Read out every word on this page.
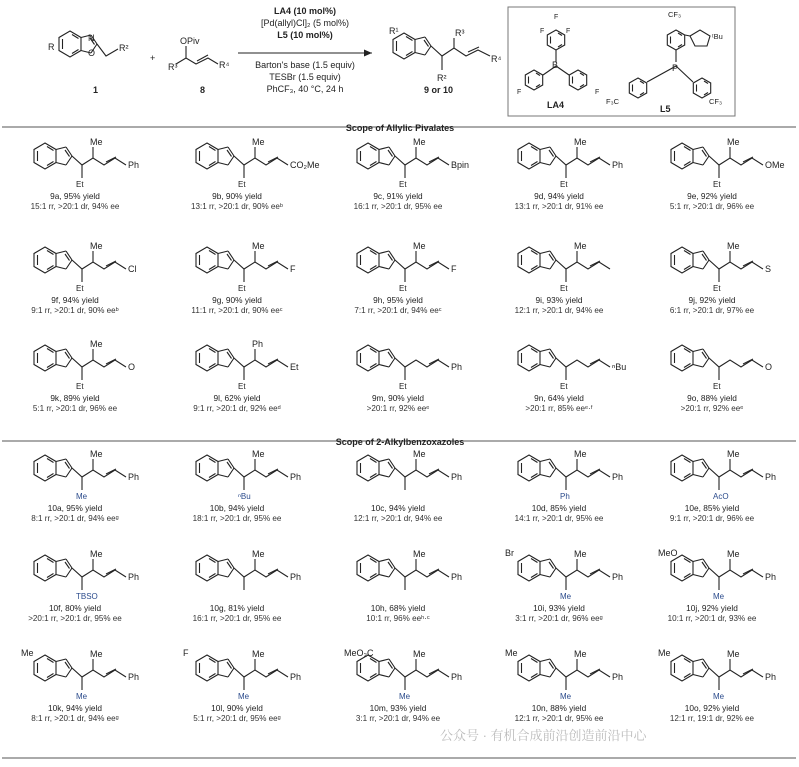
R	R²
N
O
1
+
OPiv
R³	R⁴
8
LA4 (10 mol%)
[Pd(allyl)Cl]₂ (5 mol%)
L5 (10 mol%)
Barton's base (1.5 equiv)
TESBr (1.5 equiv)
PhCF₃, 40 °C, 24 h
R¹	R³
R²
R⁴
9 or 10
B
F
F	F
F	F
LA4
P
CF₃
ᵗBu
F₃C	CF₃
L5
Scope of Allylic Pivalates
Scope of 2-Alkylbenzoxazoles
Et
Me
Ph
9a, 95% yield
15:1 rr, >20:1 dr, 94% ee
Et
Me
CO₂Me
9b, 90% yield
13:1 rr, >20:1 dr, 90% eeᵇ
Et
Me
Bpin
9c, 91% yield
16:1 rr, >20:1 dr, 95% ee
Et
Me
Ph
9d, 94% yield
13:1 rr, >20:1 dr, 91% ee
Et
Me
OMe
9e, 92% yield
5:1 rr, >20:1 dr, 96% ee
Et
Me
Cl
9f, 94% yield
9:1 rr, >20:1 dr, 90% eeᵇ
Et
Me
F
9g, 90% yield
11:1 rr, >20:1 dr, 90% eeᶜ
Et
Me
F
9h, 95% yield
7:1 rr, >20:1 dr, 94% eeᶜ
Et
Me
9i, 93% yield
12:1 rr, >20:1 dr, 94% ee
Et
Me
S
9j, 92% yield
6:1 rr, >20:1 dr, 97% ee
Et
Me
O
9k, 89% yield
5:1 rr, >20:1 dr, 96% ee
Et
Ph
Et
9l, 62% yield
9:1 rr, >20:1 dr, 92% eeᵈ
Et
Ph
9m, 90% yield
>20:1 rr, 92% eeᵉ
Et
ⁿBu
9n, 64% yield
>20:1 rr, 85% eeᵉ·ᶠ
Et
O
9o, 88% yield
>20:1 rr, 92% eeᵉ
Me
Me
Ph
10a, 95% yield
8:1 rr, >20:1 dr, 94% eeᵍ
ⁿBu
Me
Ph
10b, 94% yield
18:1 rr, >20:1 dr, 95% ee
Me
Ph
10c, 94% yield
12:1 rr, >20:1 dr, 94% ee
Ph
Me
Ph
10d, 85% yield
14:1 rr, >20:1 dr, 95% ee
AcO
Me
Ph
10e, 85% yield
9:1 rr, >20:1 dr, 96% ee
TBSO
Me
Ph
10f, 80% yield
>20:1 rr, >20:1 dr, 95% ee
Me
Ph
10g, 81% yield
16:1 rr, >20:1 dr, 95% ee
Me
Ph
10h, 68% yield
10:1 rr, 96% eeʰ·ᶜ
Me
Me
Ph
Br
10i, 93% yield
3:1 rr, >20:1 dr, 96% eeᵍ
Me
Me
Ph
MeO
10j, 92% yield
10:1 rr, >20:1 dr, 93% ee
Me
Me
Ph
Me
10k, 94% yield
8:1 rr, >20:1 dr, 94% eeᵍ
Me
Me
Ph
F
10l, 90% yield
5:1 rr, >20:1 dr, 95% eeᵍ
Me
Me
Ph
MeO₂C
10m, 93% yield
3:1 rr, >20:1 dr, 94% ee
Me
Me
Ph
Me
10n, 88% yield
12:1 rr, >20:1 dr, 95% ee
Me
Me
Ph
Me
10o, 92% yield
12:1 rr, 19:1 dr, 92% ee
公众号 · 有机合成前沿创造前沿中心
